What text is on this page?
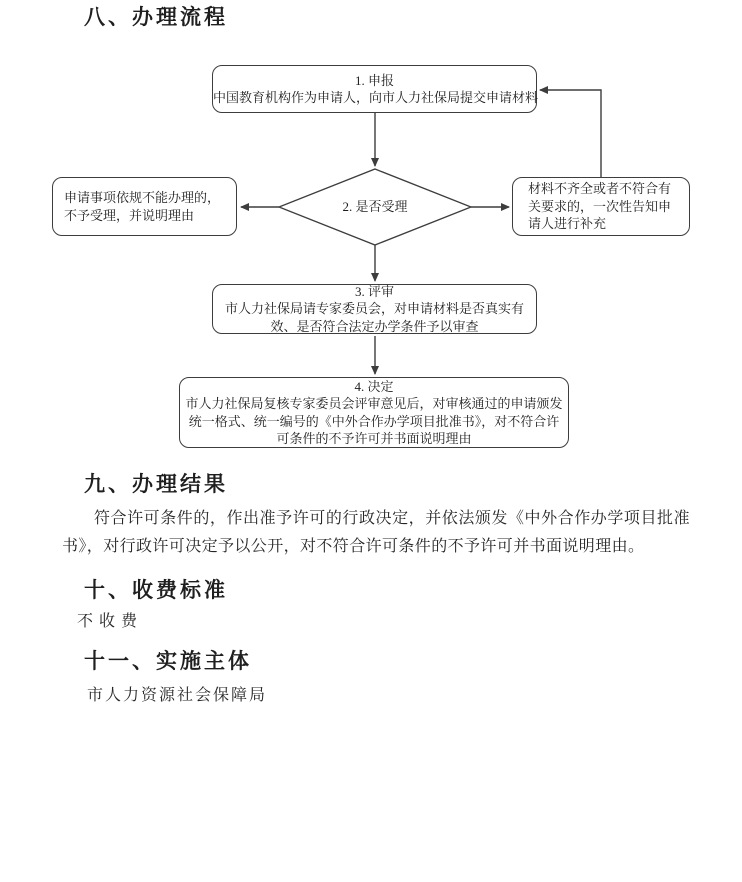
八、办理流程
1. 申报
中国教育机构作为申请人，向市人力社保局提交申请材料
2. 是否受理
申请事项依规不能办理的，不予受理，并说明理由
材料不齐全或者不符合有关要求的，一次性告知申请人进行补充
3. 评审
市人力社保局请专家委员会，对申请材料是否真实有效、是否符合法定办学条件予以审查
4. 决定
市人力社保局复核专家委员会评审意见后，对审核通过的申请颁发统一格式、统一编号的《中外合作办学项目批准书》，对不符合许可条件的不予许可并书面说明理由
九、办理结果
符合许可条件的，作出准予许可的行政决定，并依法颁发《中外合作办学项目批准书》，对行政许可决定予以公开，对不符合许可条件的不予许可并书面说明理由。
十、收费标准
不收费
十一、实施主体
市人力资源社会保障局
